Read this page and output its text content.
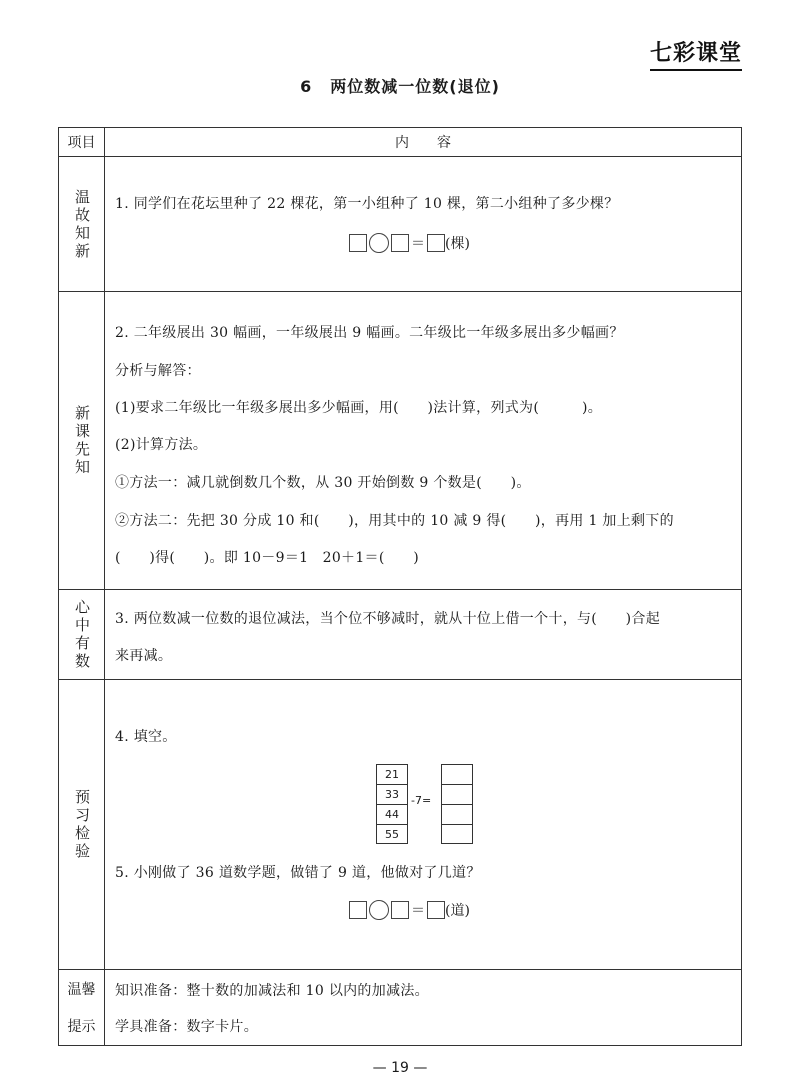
七彩课堂
6 两位数减一位数(退位)
项目	内　　容
温故知新 1. 同学们在花坛里种了 22 棵花，第一小组种了 10 棵，第二小组种了多少棵？
＝ (棵)
新课先知
2. 二年级展出 30 幅画，一年级展出 9 幅画。二年级比一年级多展出多少幅画？
分析与解答：
(1)要求二年级比一年级多展出多少幅画，用(　　)法计算，列式为(　　　)。
(2)计算方法。
①方法一：减几就倒数几个数，从 30 开始倒数 9 个数是(　　)。
②方法二：先把 30 分成 10 和(　　)，用其中的 10 减 9 得(　　)，再用 1 加上剩下的
(　　)得(　　)。即 10－9＝1　20＋1＝(　　)
心中有数 3. 两位数减一位数的退位减法，当个位不够减时，就从十位上借一个十，与(　　)合起
来再减。
预习检验
4. 填空。
21
33
44
55
-7=
5. 小刚做了 36 道数学题，做错了 9 道，他做对了几道？
＝ (道)
温馨
提示
知识准备：整十数的加减法和 10 以内的加减法。
学具准备：数字卡片。
— 19 —
